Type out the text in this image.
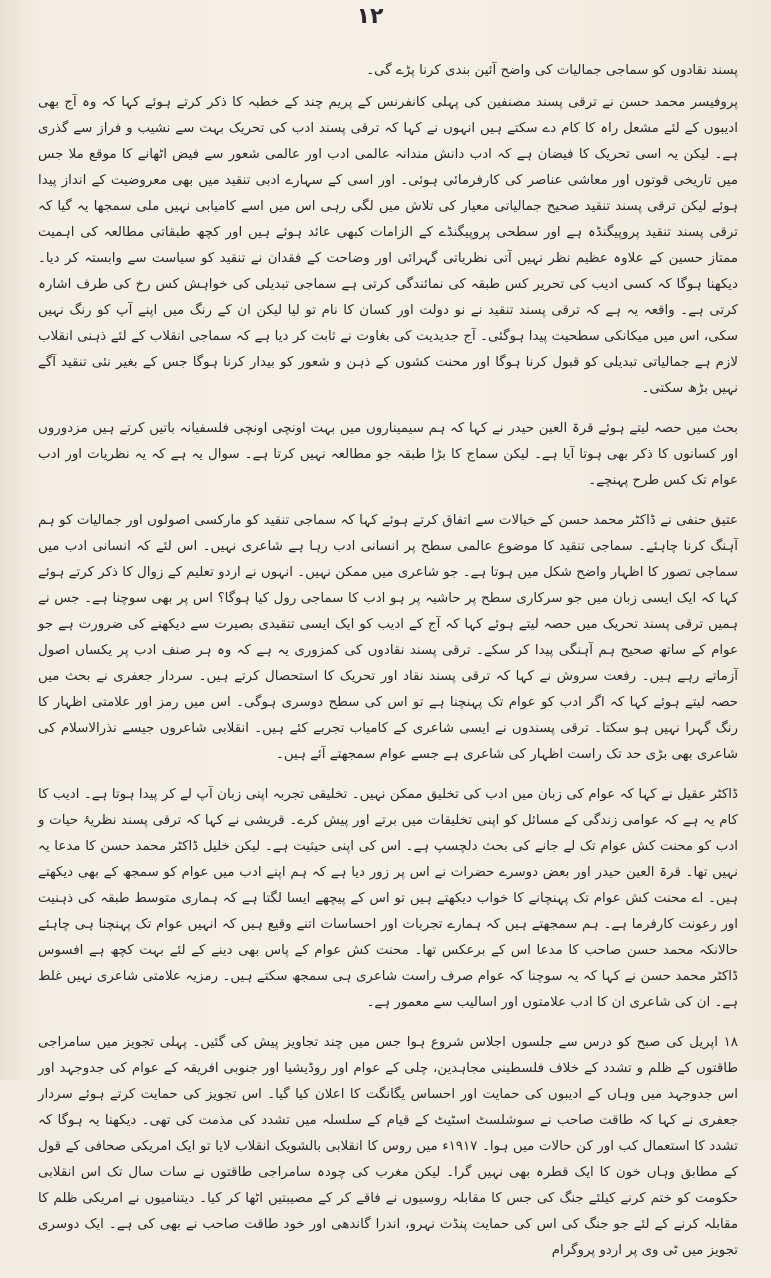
۱۲

پسند نقادوں کو سماجی جمالیات کی واضح آئین بندی کرنا پڑے گی۔

پروفیسر محمد حسن نے ترقی پسند مصنفین کی پہلی کانفرنس کے پریم چند کے خطبہ کا ذکر کرتے ہوئے کہا کہ وہ آج بھی ادیبوں کے لئے مشعل راہ کا کام دے سکتے ہیں انہوں نے کہا کہ ترقی پسند ادب کی تحریک بہت سے نشیب و فراز سے گذری ہے۔ لیکن یہ اسی تحریک کا فیضان ہے کہ ادب دانش مندانہ عالمی ادب اور عالمی شعور سے فیض اٹھانے کا موقع ملا جس میں تاریخی قوتوں اور معاشی عناصر کی کارفرمائی ہوئی۔ اور اسی کے سہارے ادبی تنقید میں بھی معروضیت کے انداز پیدا ہوئے لیکن ترقی پسند تنقید صحیح جمالیاتی معیار کی تلاش میں لگی رہی اس میں اسے کامیابی نہیں ملی سمجھا یہ گیا کہ ترقی پسند تنقید پروپیگنڈہ ہے اور سطحی پروپیگنڈے کے الزامات کبھی عائد ہوئے ہیں اور کچھ طبقاتی مطالعہ کی اہمیت ممتاز حسین کے علاوہ عظیم نظر نہیں آتی نظریاتی گہرائی اور وضاحت کے فقدان نے تنقید کو سیاست سے وابستہ کر دیا۔ دیکھنا ہوگا کہ کسی ادیب کی تحریر کس طبقہ کی نمائندگی کرتی ہے سماجی تبدیلی کی خواہش کس رخ کی طرف اشارہ کرتی ہے۔ واقعہ یہ ہے کہ ترقی پسند تنقید نے نو دولت اور کسان کا نام تو لیا لیکن ان کے رنگ میں اپنے آپ کو رنگ نہیں سکی، اس میں میکانکی سطحیت پیدا ہوگئی۔ آج جدیدیت کی بغاوت نے ثابت کر دیا ہے کہ سماجی انقلاب کے لئے ذہنی انقلاب لازم ہے جمالیاتی تبدیلی کو قبول کرنا ہوگا اور محنت کشوں کے ذہن و شعور کو بیدار کرنا ہوگا جس کے بغیر نئی تنقید آگے نہیں بڑھ سکتی۔

بحث میں حصہ لیتے ہوئے قرۃ العین حیدر نے کہا کہ ہم سیمیناروں میں بہت اونچی اونچی فلسفیانہ باتیں کرتے ہیں مزدوروں اور کسانوں کا ذکر بھی ہوتا آیا ہے۔ لیکن سماج کا بڑا طبقہ جو مطالعہ نہیں کرتا ہے۔ سوال یہ ہے کہ یہ نظریات اور ادب عوام تک کس طرح پہنچے۔

عتیق حنفی نے ڈاکٹر محمد حسن کے خیالات سے اتفاق کرتے ہوئے کہا کہ سماجی تنقید کو مارکسی اصولوں اور جمالیات کو ہم آہنگ کرنا چاہئے۔ سماجی تنقید کا موضوع عالمی سطح پر انسانی ادب رہا ہے شاعری نہیں۔ اس لئے کہ انسانی ادب میں سماجی تصور کا اظہار واضح شکل میں ہوتا ہے۔ جو شاعری میں ممکن نہیں۔ انہوں نے اردو تعلیم کے زوال کا ذکر کرتے ہوئے کہا کہ ایک ایسی زبان میں جو سرکاری سطح پر حاشیہ پر ہو ادب کا سماجی رول کیا ہوگا؟ اس پر بھی سوچنا ہے۔ جس نے ہمیں ترقی پسند تحریک میں حصہ لیتے ہوئے کہا کہ آج کے ادیب کو ایک ایسی تنقیدی بصیرت سے دیکھنے کی ضرورت ہے جو عوام کے ساتھ صحیح ہم آہنگی پیدا کر سکے۔ ترقی پسند نقادوں کی کمزوری یہ ہے کہ وہ ہر صنف ادب پر یکساں اصول آزماتے رہے ہیں۔ رفعت سروش نے کہا کہ ترقی پسند نقاد اور تحریک کا استحصال کرتے ہیں۔ سردار جعفری نے بحث میں حصہ لیتے ہوئے کہا کہ اگر ادب کو عوام تک پہنچنا ہے تو اس کی سطح دوسری ہوگی۔ اس میں رمز اور علامتی اظہار کا رنگ گہرا نہیں ہو سکتا۔ ترقی پسندوں نے ایسی شاعری کے کامیاب تجربے کئے ہیں۔ انقلابی شاعروں جیسے نذرالاسلام کی شاعری بھی بڑی حد تک راست اظہار کی شاعری ہے جسے عوام سمجھتے آئے ہیں۔

ڈاکٹر عقیل نے کہا کہ عوام کی زبان میں ادب کی تخلیق ممکن نہیں۔ تخلیقی تجربہ اپنی زبان آپ لے کر پیدا ہوتا ہے۔ ادیب کا کام یہ ہے کہ عوامی زندگی کے مسائل کو اپنی تخلیقات میں برتے اور پیش کرے۔ قریشی نے کہا کہ ترقی پسند نظریۂ حیات و ادب کو محنت کش عوام تک لے جانے کی بحث دلچسپ ہے۔ اس کی اپنی حیثیت ہے۔ لیکن خلیل ڈاکٹر محمد حسن کا مدعا یہ نہیں تھا۔ قرۃ العین حیدر اور بعض دوسرے حضرات نے اس پر زور دیا ہے کہ ہم اپنے ادب میں عوام کو سمجھ کے بھی دیکھتے ہیں۔ اے محنت کش عوام تک پہنچانے کا خواب دیکھتے ہیں تو اس کے پیچھے ایسا لگتا ہے کہ ہماری متوسط طبقہ کی ذہنیت اور رعونت کارفرما ہے۔ ہم سمجھتے ہیں کہ ہمارے تجربات اور احساسات اتنے وقیع ہیں کہ انہیں عوام تک پہنچنا ہی چاہئے حالانکہ محمد حسن صاحب کا مدعا اس کے برعکس تھا۔ محنت کش عوام کے پاس بھی دینے کے لئے بہت کچھ ہے افسوس ڈاکٹر محمد حسن نے کہا کہ یہ سوچنا کہ عوام صرف راست شاعری ہی سمجھ سکتے ہیں۔ رمزیہ علامتی شاعری نہیں غلط ہے۔ ان کی شاعری ان کا ادب علامتوں اور اسالیب سے معمور ہے۔

۱۸ اپریل کی صبح کو درس سے جلسوں اجلاس شروع ہوا جس میں چند تجاویز پیش کی گئیں۔ پہلی تجویز میں سامراجی طاقتوں کے ظلم و تشدد کے خلاف فلسطینی مجاہدین، چلی کے عوام اور روڈیشیا اور جنوبی افریقہ کے عوام کی جدوجہد اور اس جدوجہد میں وہاں کے ادیبوں کی حمایت اور احساس یگانگت کا اعلان کیا گیا۔ اس تجویز کی حمایت کرتے ہوئے سردار جعفری نے کہا کہ طاقت صاحب نے سوشلسٹ اسٹیٹ کے قیام کے سلسلہ میں تشدد کی مذمت کی تھی۔ دیکھنا یہ ہوگا کہ تشدد کا استعمال کب اور کن حالات میں ہوا۔ ۱۹۱۷ء میں روس کا انقلابی بالشویک انقلاب لایا تو ایک امریکی صحافی کے قول کے مطابق وہاں خون کا ایک قطرہ بھی نہیں گرا۔ لیکن مغرب کی چودہ سامراجی طاقتوں نے سات سال تک اس انقلابی حکومت کو ختم کرنے کیلئے جنگ کی جس کا مقابلہ روسیوں نے فاقے کر کے مصیبتیں اٹھا کر کیا۔ دیتنامیوں نے امریکی ظلم کا مقابلہ کرنے کے لئے جو جنگ کی اس کی حمایت پنڈت نہرو، اندرا گاندھی اور خود طاقت صاحب نے بھی کی ہے۔ ایک دوسری تجویز میں ٹی وی پر اردو پروگرام
